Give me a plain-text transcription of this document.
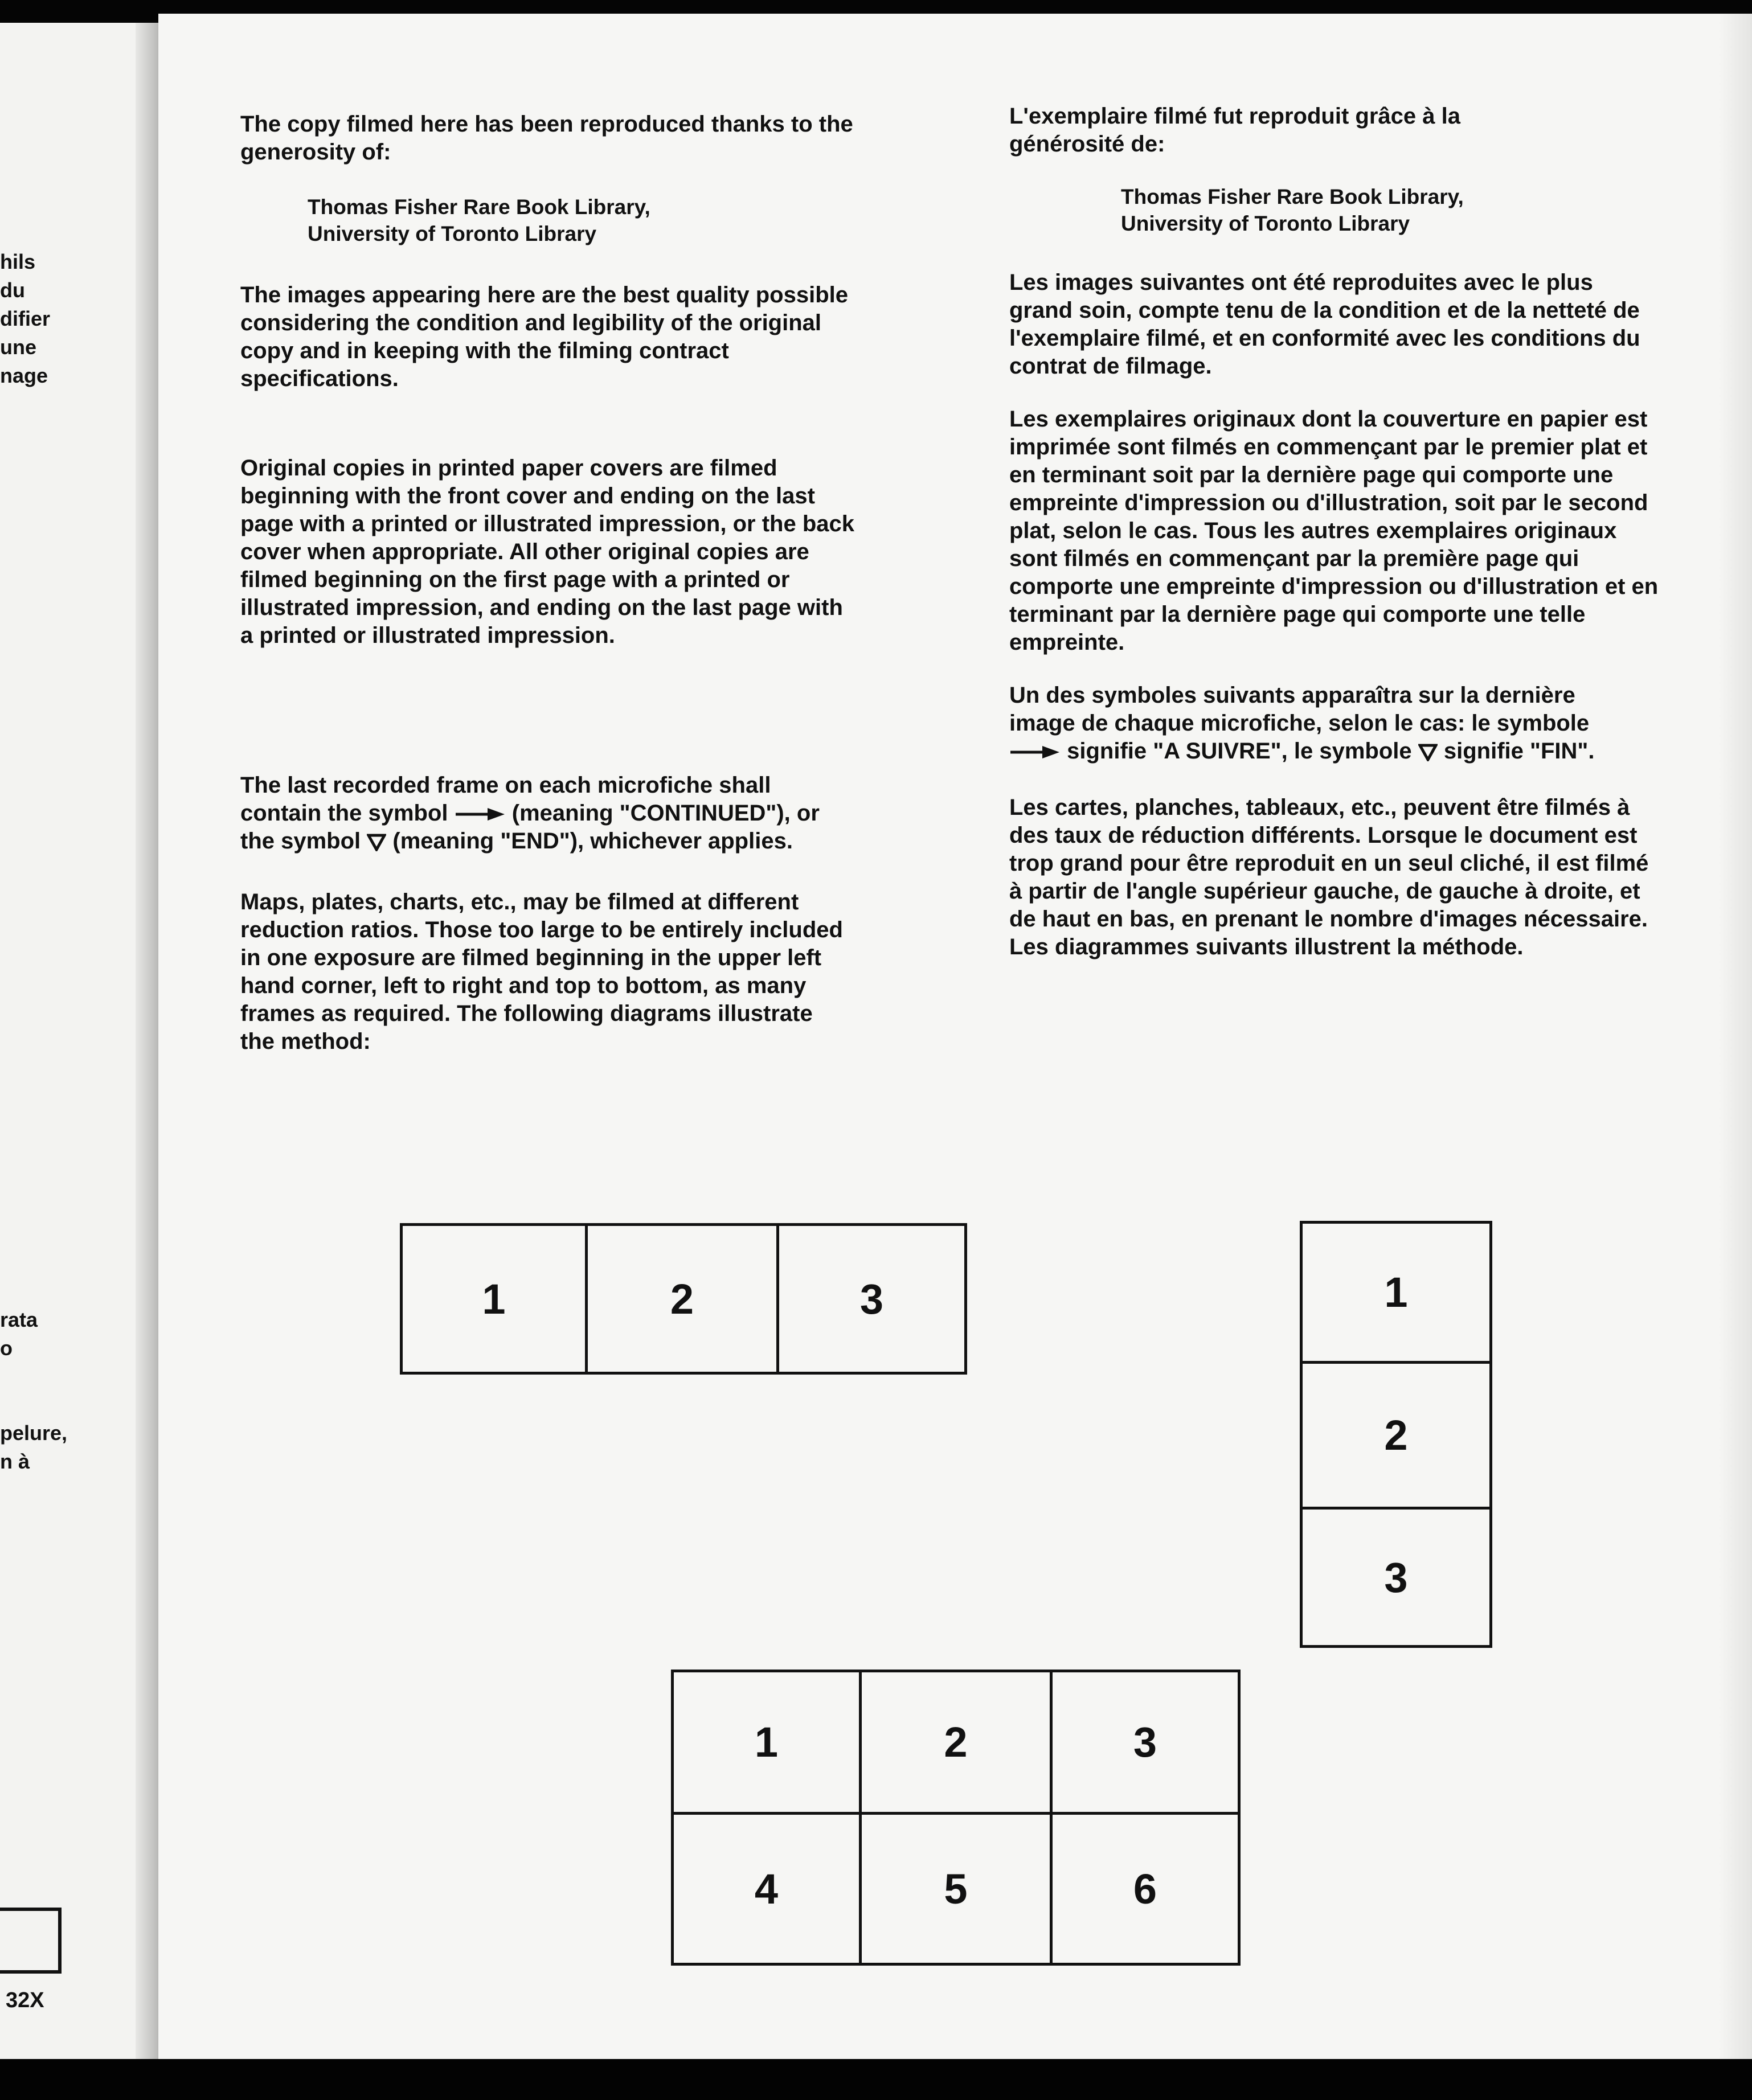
hils
du
difier
une
nage
rata
o
pelure,
n à
32X

The copy filmed here has been reproduced thanks to the generosity of:

Thomas Fisher Rare Book Library,

University of Toronto Library

The images appearing here are the best quality possible considering the condition and legibility of the original copy and in keeping with the filming contract specifications.

Original copies in printed paper covers are filmed beginning with the front cover and ending on the last page with a printed or illustrated impression, or the back cover when appropriate. All other original copies are filmed beginning on the first page with a printed or illustrated impression, and ending on the last page with a printed or illustrated impression.

The last recorded frame on each microfiche shall contain the symbol	(meaning "CONTINUED"), or the symbol (meaning "END"), whichever applies.

Maps, plates, charts, etc., may be filmed at different reduction ratios. Those too large to be entirely included in one exposure are filmed beginning in the upper left hand corner, left to right and top to bottom, as many frames as required. The following diagrams illustrate the method:

L'exemplaire filmé fut reproduit grâce à la générosité de:

Thomas Fisher Rare Book Library,

University of Toronto Library

Les images suivantes ont été reproduites avec le plus grand soin, compte tenu de la condition et de la netteté de l'exemplaire filmé, et en conformité avec les conditions du contrat de filmage.

Les exemplaires originaux dont la couverture en papier est imprimée sont filmés en commençant par le premier plat et en terminant soit par la dernière page qui comporte une empreinte d'impression ou d'illustration, soit par le second plat, selon le cas. Tous les autres exemplaires originaux sont filmés en commençant par la première page qui comporte une empreinte d'impression ou d'illustration et en terminant par la dernière page qui comporte une telle empreinte.

Un des symboles suivants apparaîtra sur la dernière image de chaque microfiche, selon le cas: le symbole  signifie "A SUIVRE", le symbole signifie "FIN".

Les cartes, planches, tableaux, etc., peuvent être filmés à des taux de réduction différents. Lorsque le document est trop grand pour être reproduit en un seul cliché, il est filmé à partir de l'angle supérieur gauche, de gauche à droite, et de haut en bas, en prenant le nombre d'images nécessaire. Les diagrammes suivants illustrent la méthode.

1	2	3	1
2
3
1	2	3
4	5	6
